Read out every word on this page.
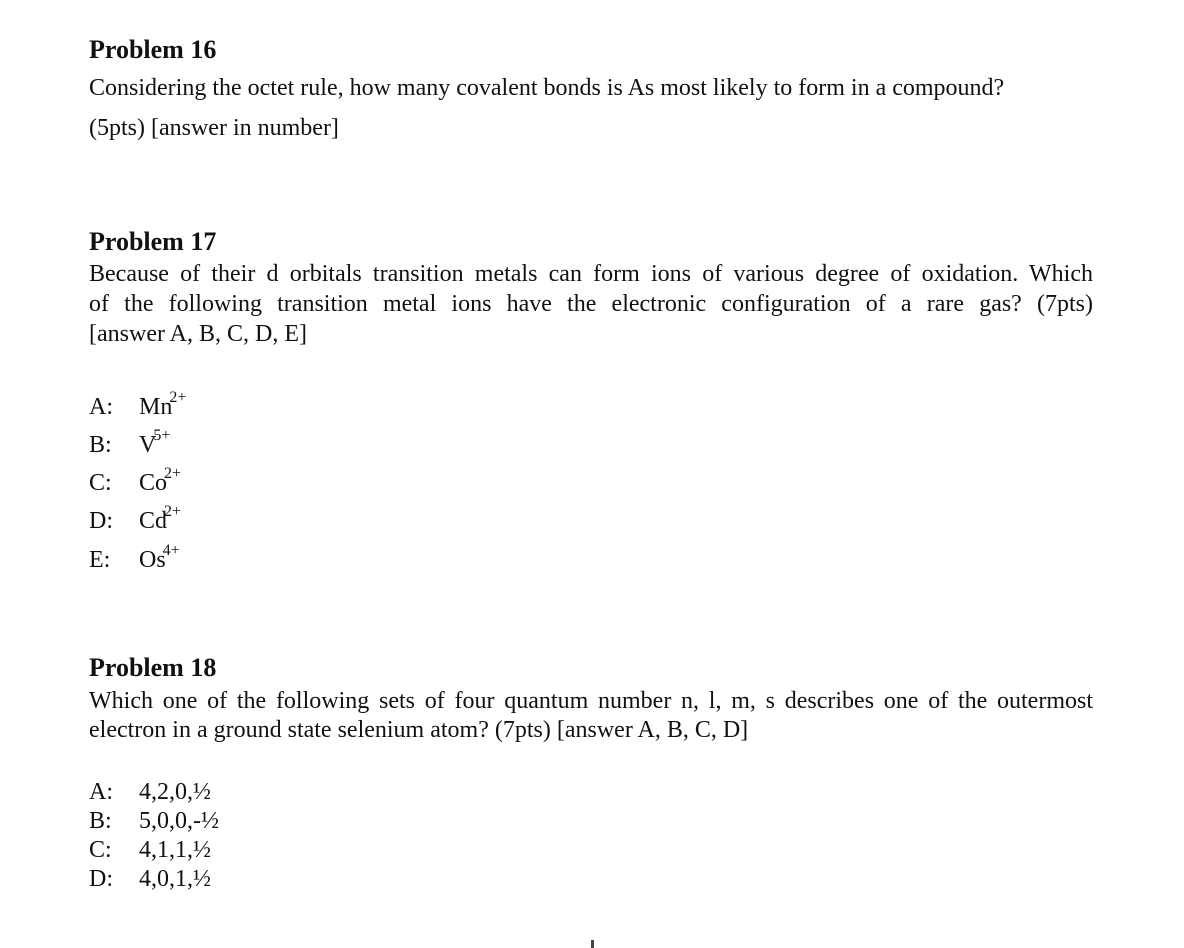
Problem 16
Considering the octet rule, how many covalent bonds is As most likely to form in a compound?
(5pts) [answer in number]
Problem 17
Because of their d orbitals transition metals can form ions of various degree of oxidation. Which
of the following transition metal ions have the electronic configuration of a rare gas? (7pts)
[answer A, B, C, D, E]
A: $Mn^{2+}$
B: $V^{5+}$
C: $Co^{2+}$
D: $Cd^{2+}$
E: $Os^{4+}$
Problem 18
Which one of the following sets of four quantum number n, l, m, s describes one of the outermost
electron in a ground state selenium atom? (7pts) [answer A, B, C, D]
A: 4,2,0,½
B: 5,0,0,-½
C: 4,1,1,½
D: 4,0,1,½
